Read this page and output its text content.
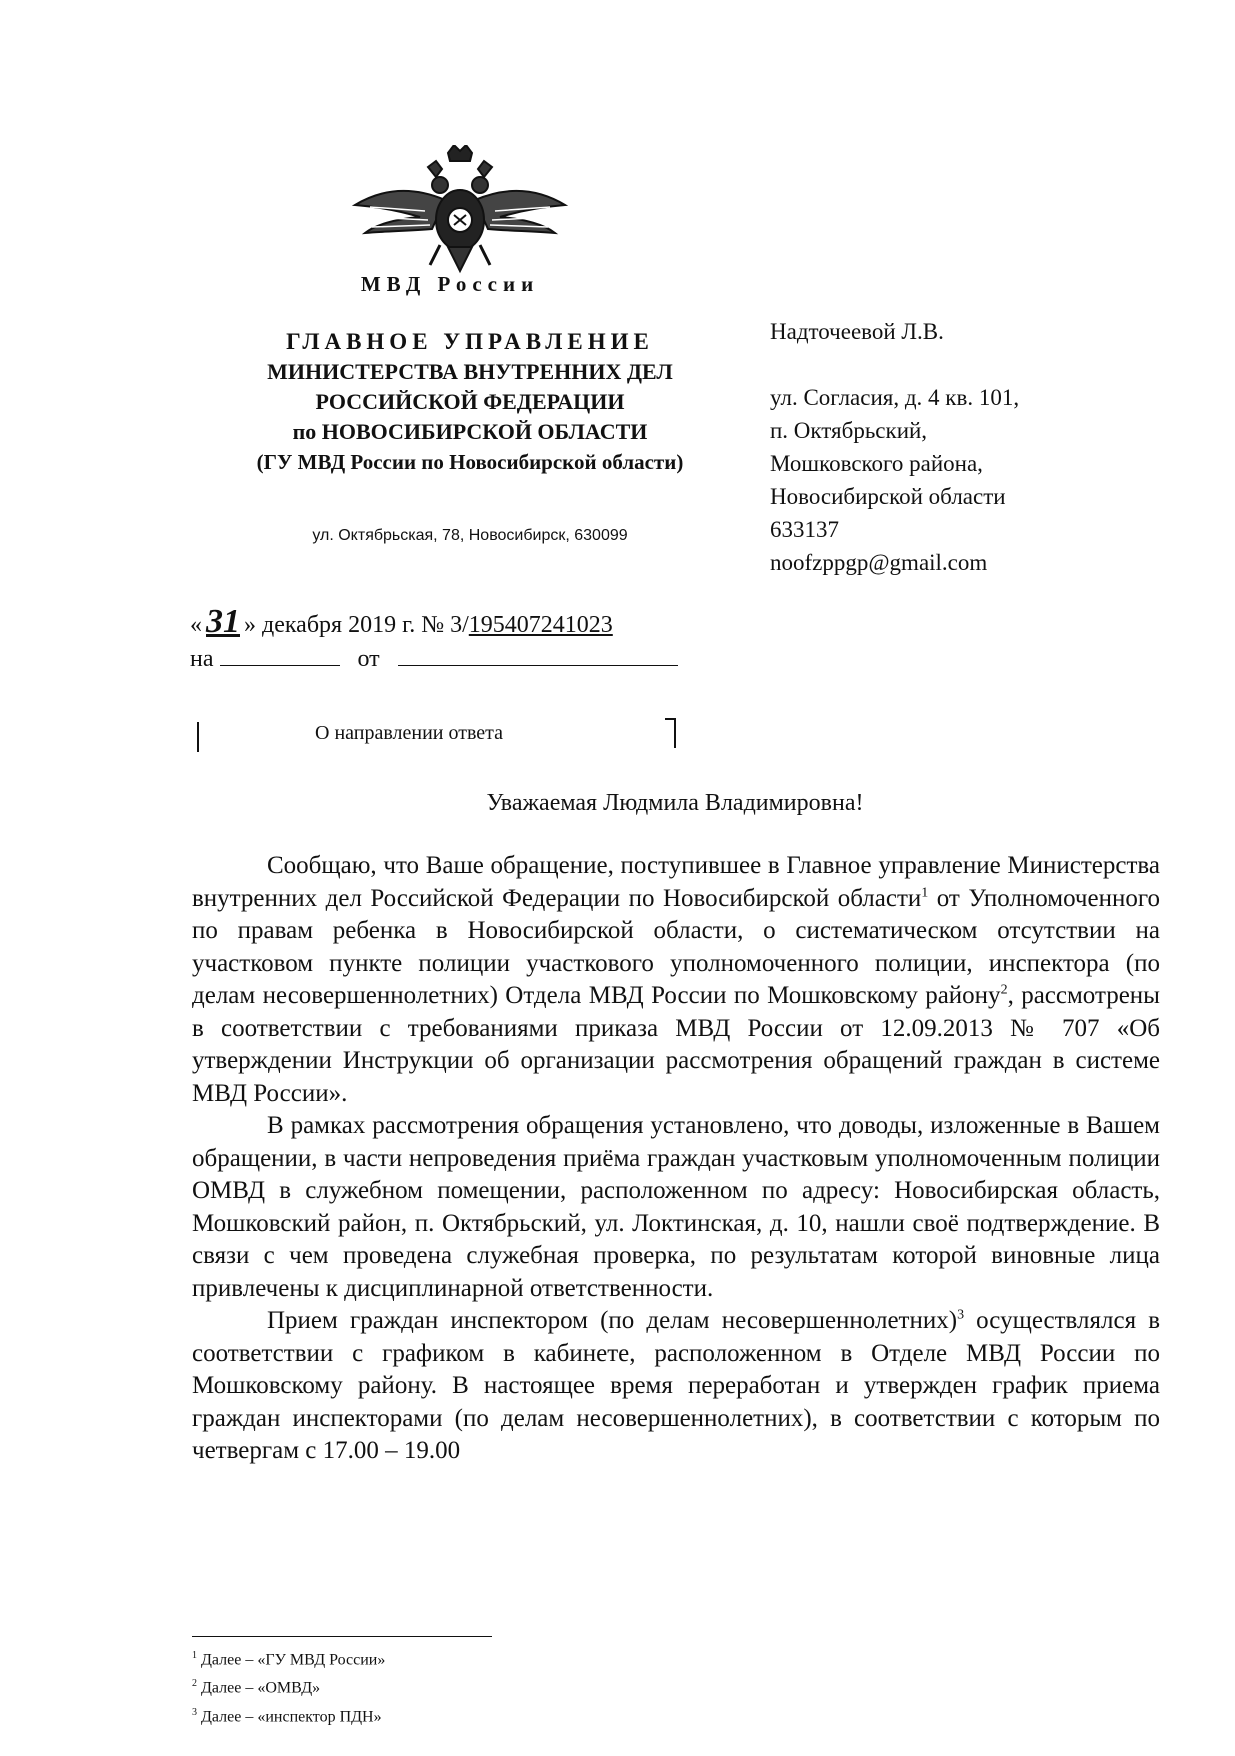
МВД России
ГЛАВНОЕ УПРАВЛЕНИЕ
МИНИСТЕРСТВА ВНУТРЕННИХ ДЕЛ
РОССИЙСКОЙ ФЕДЕРАЦИИ
по НОВОСИБИРСКОЙ ОБЛАСТИ
(ГУ МВД России по Новосибирской области)
ул. Октябрьская, 78, Новосибирск, 630099
Надточеевой Л.В.
ул. Согласия, д. 4 кв. 101,
п. Октябрьский,
Мошковского района,
Новосибирской области
633137
noofzppgp@gmail.com
« 31 » декабря 2019 г. № 3/195407241023
на	от
О направлении ответа
Уважаемая Людмила Владимировна!

Сообщаю, что Ваше обращение, поступившее в Главное управление Министерства внутренних дел Российской Федерации по Новосибирской области$^1$ от Уполномоченного по правам ребенка в Новосибирской области, о систематическом отсутствии на участковом пункте полиции участкового уполномоченного полиции, инспектора (по делам несовершеннолетних) Отдела МВД России по Мошковскому району$^2$, рассмотрены в соответствии с требованиями приказа МВД России от 12.09.2013 № 707 «Об утверждении Инструкции об организации рассмотрения обращений граждан в системе МВД России».

В рамках рассмотрения обращения установлено, что доводы, изложенные в Вашем обращении, в части непроведения приёма граждан участковым уполномоченным полиции ОМВД в служебном помещении, расположенном по адресу: Новосибирская область, Мошковский район, п. Октябрьский, ул. Локтинская, д. 10, нашли своё подтверждение. В связи с чем проведена служебная проверка, по результатам которой виновные лица привлечены к дисциплинарной ответственности.

Прием граждан инспектором (по делам несовершеннолетних)$^3$ осуществлялся в соответствии с графиком в кабинете, расположенном в Отделе МВД России по Мошковскому району. В настоящее время переработан и утвержден график приема граждан инспекторами (по делам несовершеннолетних), в соответствии с которым по четвергам с 17.00 – 19.00

$^1$ Далее – «ГУ МВД России»
$^2$ Далее – «ОМВД»
$^3$ Далее – «инспектор ПДН»
